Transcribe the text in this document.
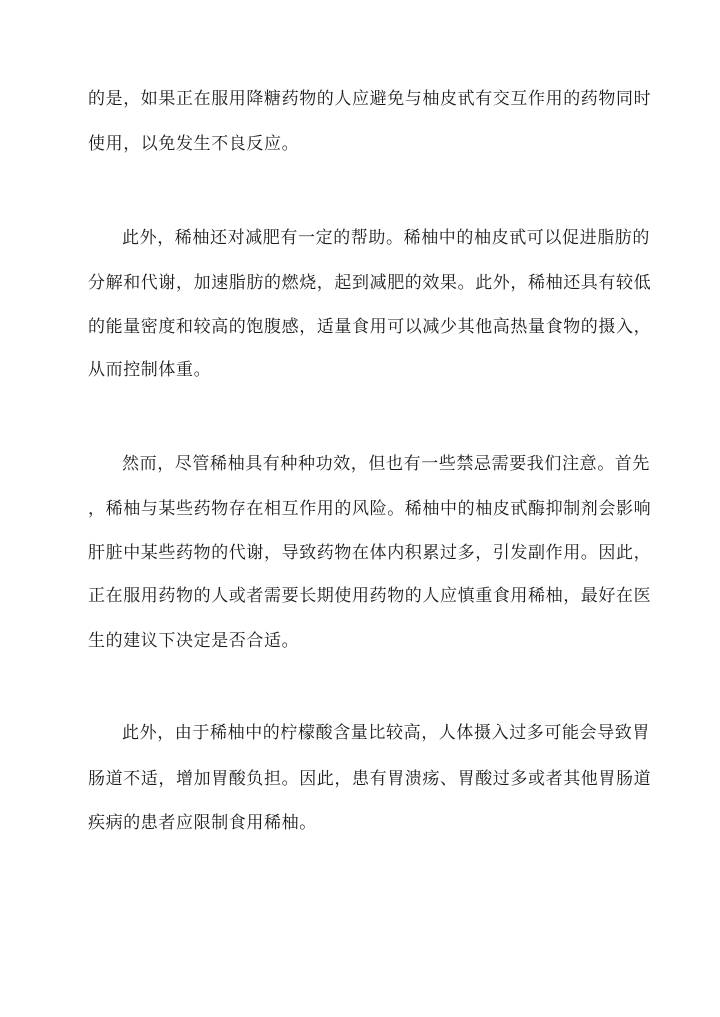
的是，如果正在服用降糖药物的人应避免与柚皮甙有交互作用的药物同时
使用，以免发生不良反应。
此外，稀柚还对减肥有一定的帮助。稀柚中的柚皮甙可以促进脂肪的
分解和代谢，加速脂肪的燃烧，起到减肥的效果。此外，稀柚还具有较低
的能量密度和较高的饱腹感，适量食用可以减少其他高热量食物的摄入，
从而控制体重。
然而，尽管稀柚具有种种功效，但也有一些禁忌需要我们注意。首先
，稀柚与某些药物存在相互作用的风险。稀柚中的柚皮甙酶抑制剂会影响
肝脏中某些药物的代谢，导致药物在体内积累过多，引发副作用。因此，
正在服用药物的人或者需要长期使用药物的人应慎重食用稀柚，最好在医
生的建议下决定是否合适。
此外，由于稀柚中的柠檬酸含量比较高，人体摄入过多可能会导致胃
肠道不适，增加胃酸负担。因此，患有胃溃疡、胃酸过多或者其他胃肠道
疾病的患者应限制食用稀柚。
